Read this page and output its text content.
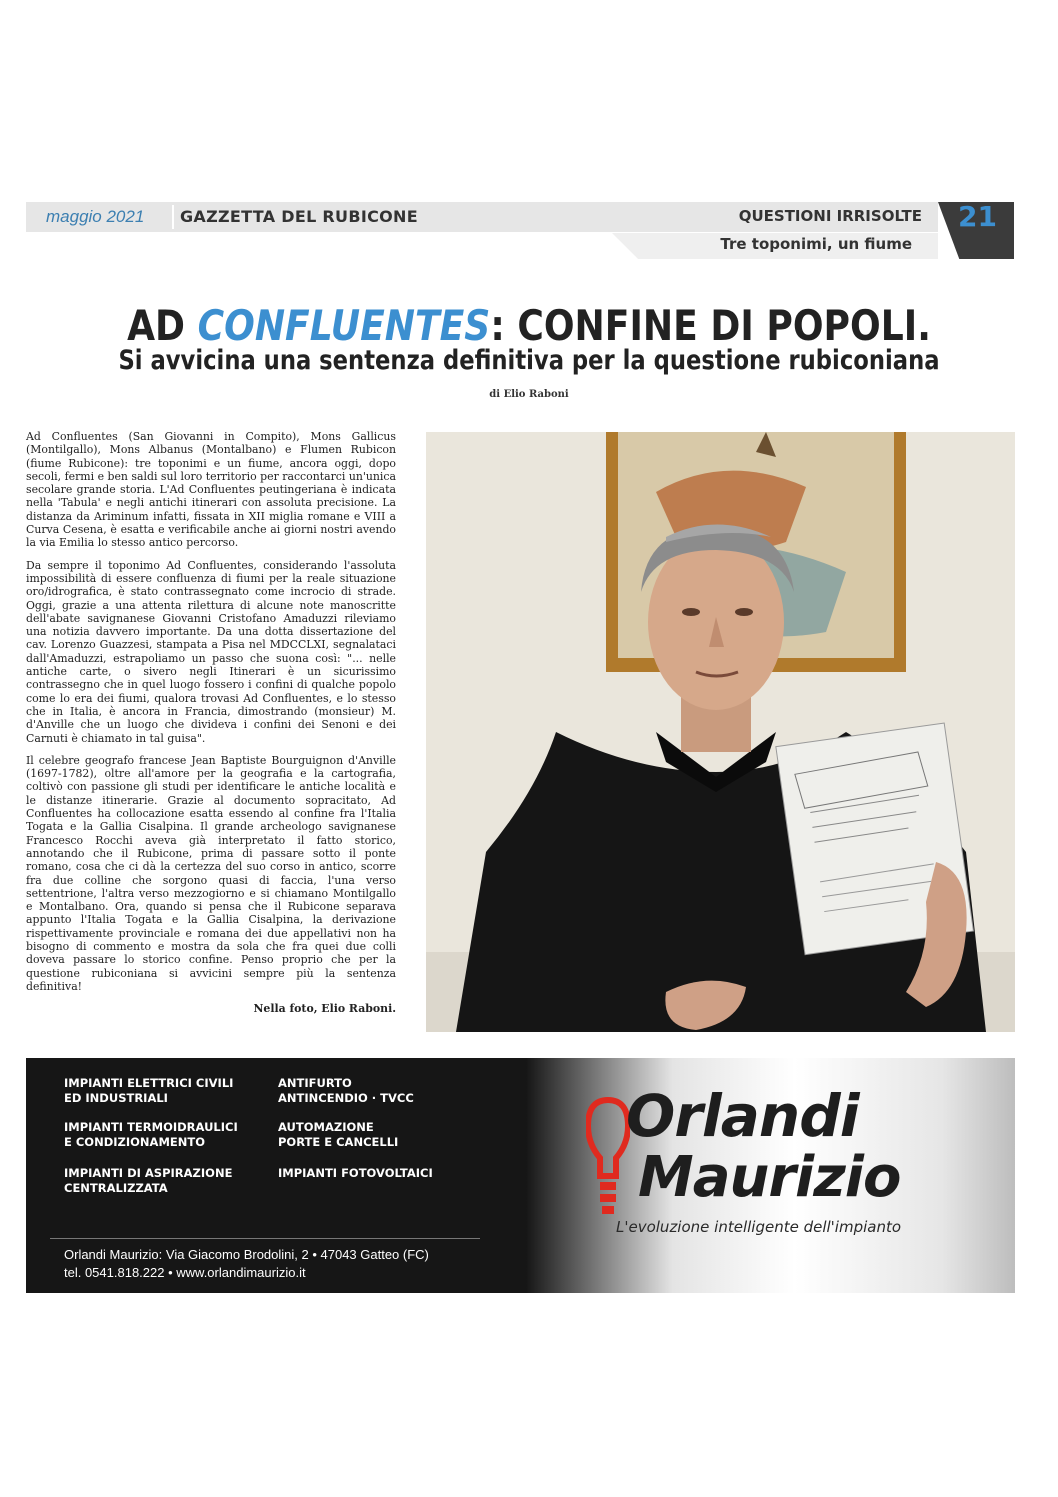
maggio 2021 GAZZETTA DEL RUBICONE	QUESTIONI IRRISOLTE
Tre toponimi, un fiume
21
AD CONFLUENTES: CONFINE DI POPOLI.
Si avvicina una sentenza definitiva per la questione rubiconiana
di Elio Raboni

Ad Confluentes (San Giovanni in Compito), Mons Gallicus (Montilgallo), Mons Albanus (Montalbano) e Flumen Rubicon (fiume Rubicone): tre toponimi e un fiume, ancora oggi, dopo secoli, fermi e ben saldi sul loro territorio per raccontarci un'unica secolare grande storia. L'Ad Confluentes peutingeriana è indicata nella 'Tabula' e negli antichi itinerari con assoluta precisione. La distanza da Ariminum infatti, fissata in XII miglia romane e VIII a Curva Cesena, è esatta e verificabile anche ai giorni nostri avendo la via Emilia lo stesso antico percorso.

Da sempre il toponimo Ad Confluentes, considerando l'assoluta impossibilità di essere confluenza di fiumi per la reale situazione oro/idrografica, è stato contrassegnato come incrocio di strade. Oggi, grazie a una attenta rilettura di alcune note manoscritte dell'abate savignanese Giovanni Cristofano Amaduzzi rileviamo una notizia davvero importante. Da una dotta dissertazione del cav. Lorenzo Guazzesi, stampata a Pisa nel MDCCLXI, segnalataci dall'Amaduzzi, estrapoliamo un passo che suona così: "... nelle antiche carte, o sivero negli Itinerari è un sicurissimo contrassegno che in quel luogo fossero i confini di qualche popolo come lo era dei fiumi, qualora trovasi Ad Confluentes, e lo stesso che in Italia, è ancora in Francia, dimostrando (monsieur) M. d'Anville che un luogo che divideva i confini dei Senoni e dei Carnuti è chiamato in tal guisa".

Il celebre geografo francese Jean Baptiste Bourguignon d'Anville (1697-1782), oltre all'amore per la geografia e la cartografia, coltivò con passione gli studi per identificare le antiche località e le distanze itinerarie. Grazie al documento sopracitato, Ad Confluentes ha collocazione esatta essendo al confine fra l'Italia Togata e la Gallia Cisalpina. Il grande archeologo savignanese Francesco Rocchi aveva già interpretato il fatto storico, annotando che il Rubicone, prima di passare sotto il ponte romano, cosa che ci dà la certezza del suo corso in antico, scorre fra due colline che sorgono quasi di faccia, l'una verso settentrione, l'altra verso mezzogiorno e si chiamano Montilgallo e Montalbano. Ora, quando si pensa che il Rubicone separava appunto l'Italia Togata e la Gallia Cisalpina, la derivazione rispettivamente provinciale e romana dei due appellativi non ha bisogno di commento e mostra da sola che fra quei due colli doveva passare lo storico confine. Penso proprio che per la questione rubiconiana si avvicini sempre più la sentenza definitiva!

Nella foto, Elio Raboni.

IMPIANTI ELETTRICI CIVILI
ED INDUSTRIALI
IMPIANTI TERMOIDRAULICI
E CONDIZIONAMENTO
IMPIANTI DI ASPIRAZIONE
CENTRALIZZATA
ANTIFURTO
ANTINCENDIO · TVCC
AUTOMAZIONE
PORTE E CANCELLI
IMPIANTI FOTOVOLTAICI
Orlandi Maurizio: Via Giacomo Brodolini, 2 • 47043 Gatteo (FC)
tel. 0541.818.222 • www.orlandimaurizio.it
Orlandi
Maurizio
L'evoluzione intelligente dell'impianto
